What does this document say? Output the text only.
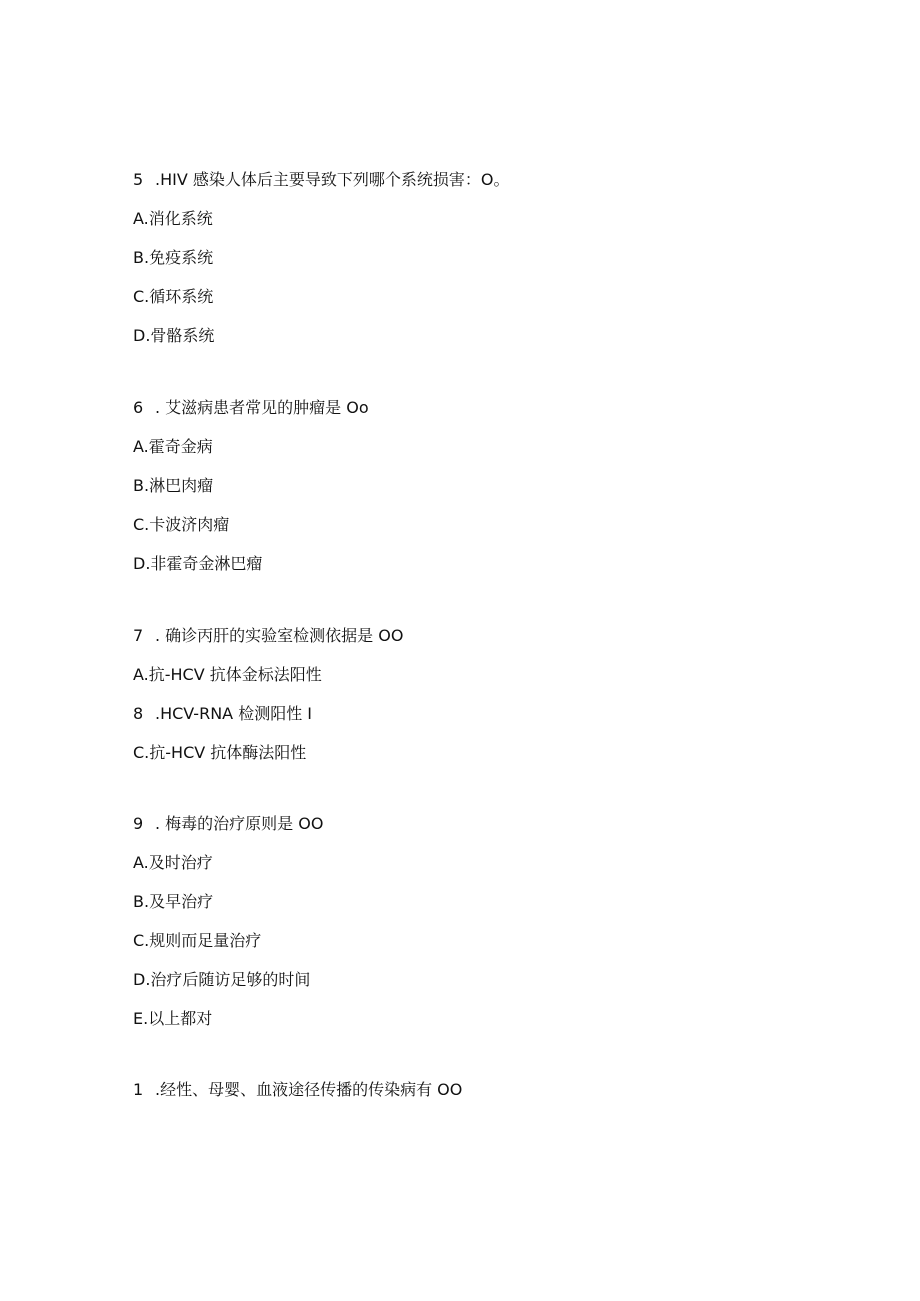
5 .HIV 感染人体后主要导致下列哪个系统损害：O。
A.消化系统
B.免疫系统
C.循环系统
D.骨骼系统
6 . 艾滋病患者常见的肿瘤是 Oo
A.霍奇金病
B.淋巴肉瘤
C.卡波济肉瘤
D.非霍奇金淋巴瘤
7 . 确诊丙肝的实验室检测依据是 OO
A.抗-HCV 抗体金标法阳性
8 .HCV-RNA 检测阳性 I
C.抗-HCV 抗体酶法阳性
9 . 梅毒的治疗原则是 OO
A.及时治疗
B.及早治疗
C.规则而足量治疗
D.治疗后随访足够的时间
E.以上都对
1 .经性、母婴、血液途径传播的传染病有 OO
